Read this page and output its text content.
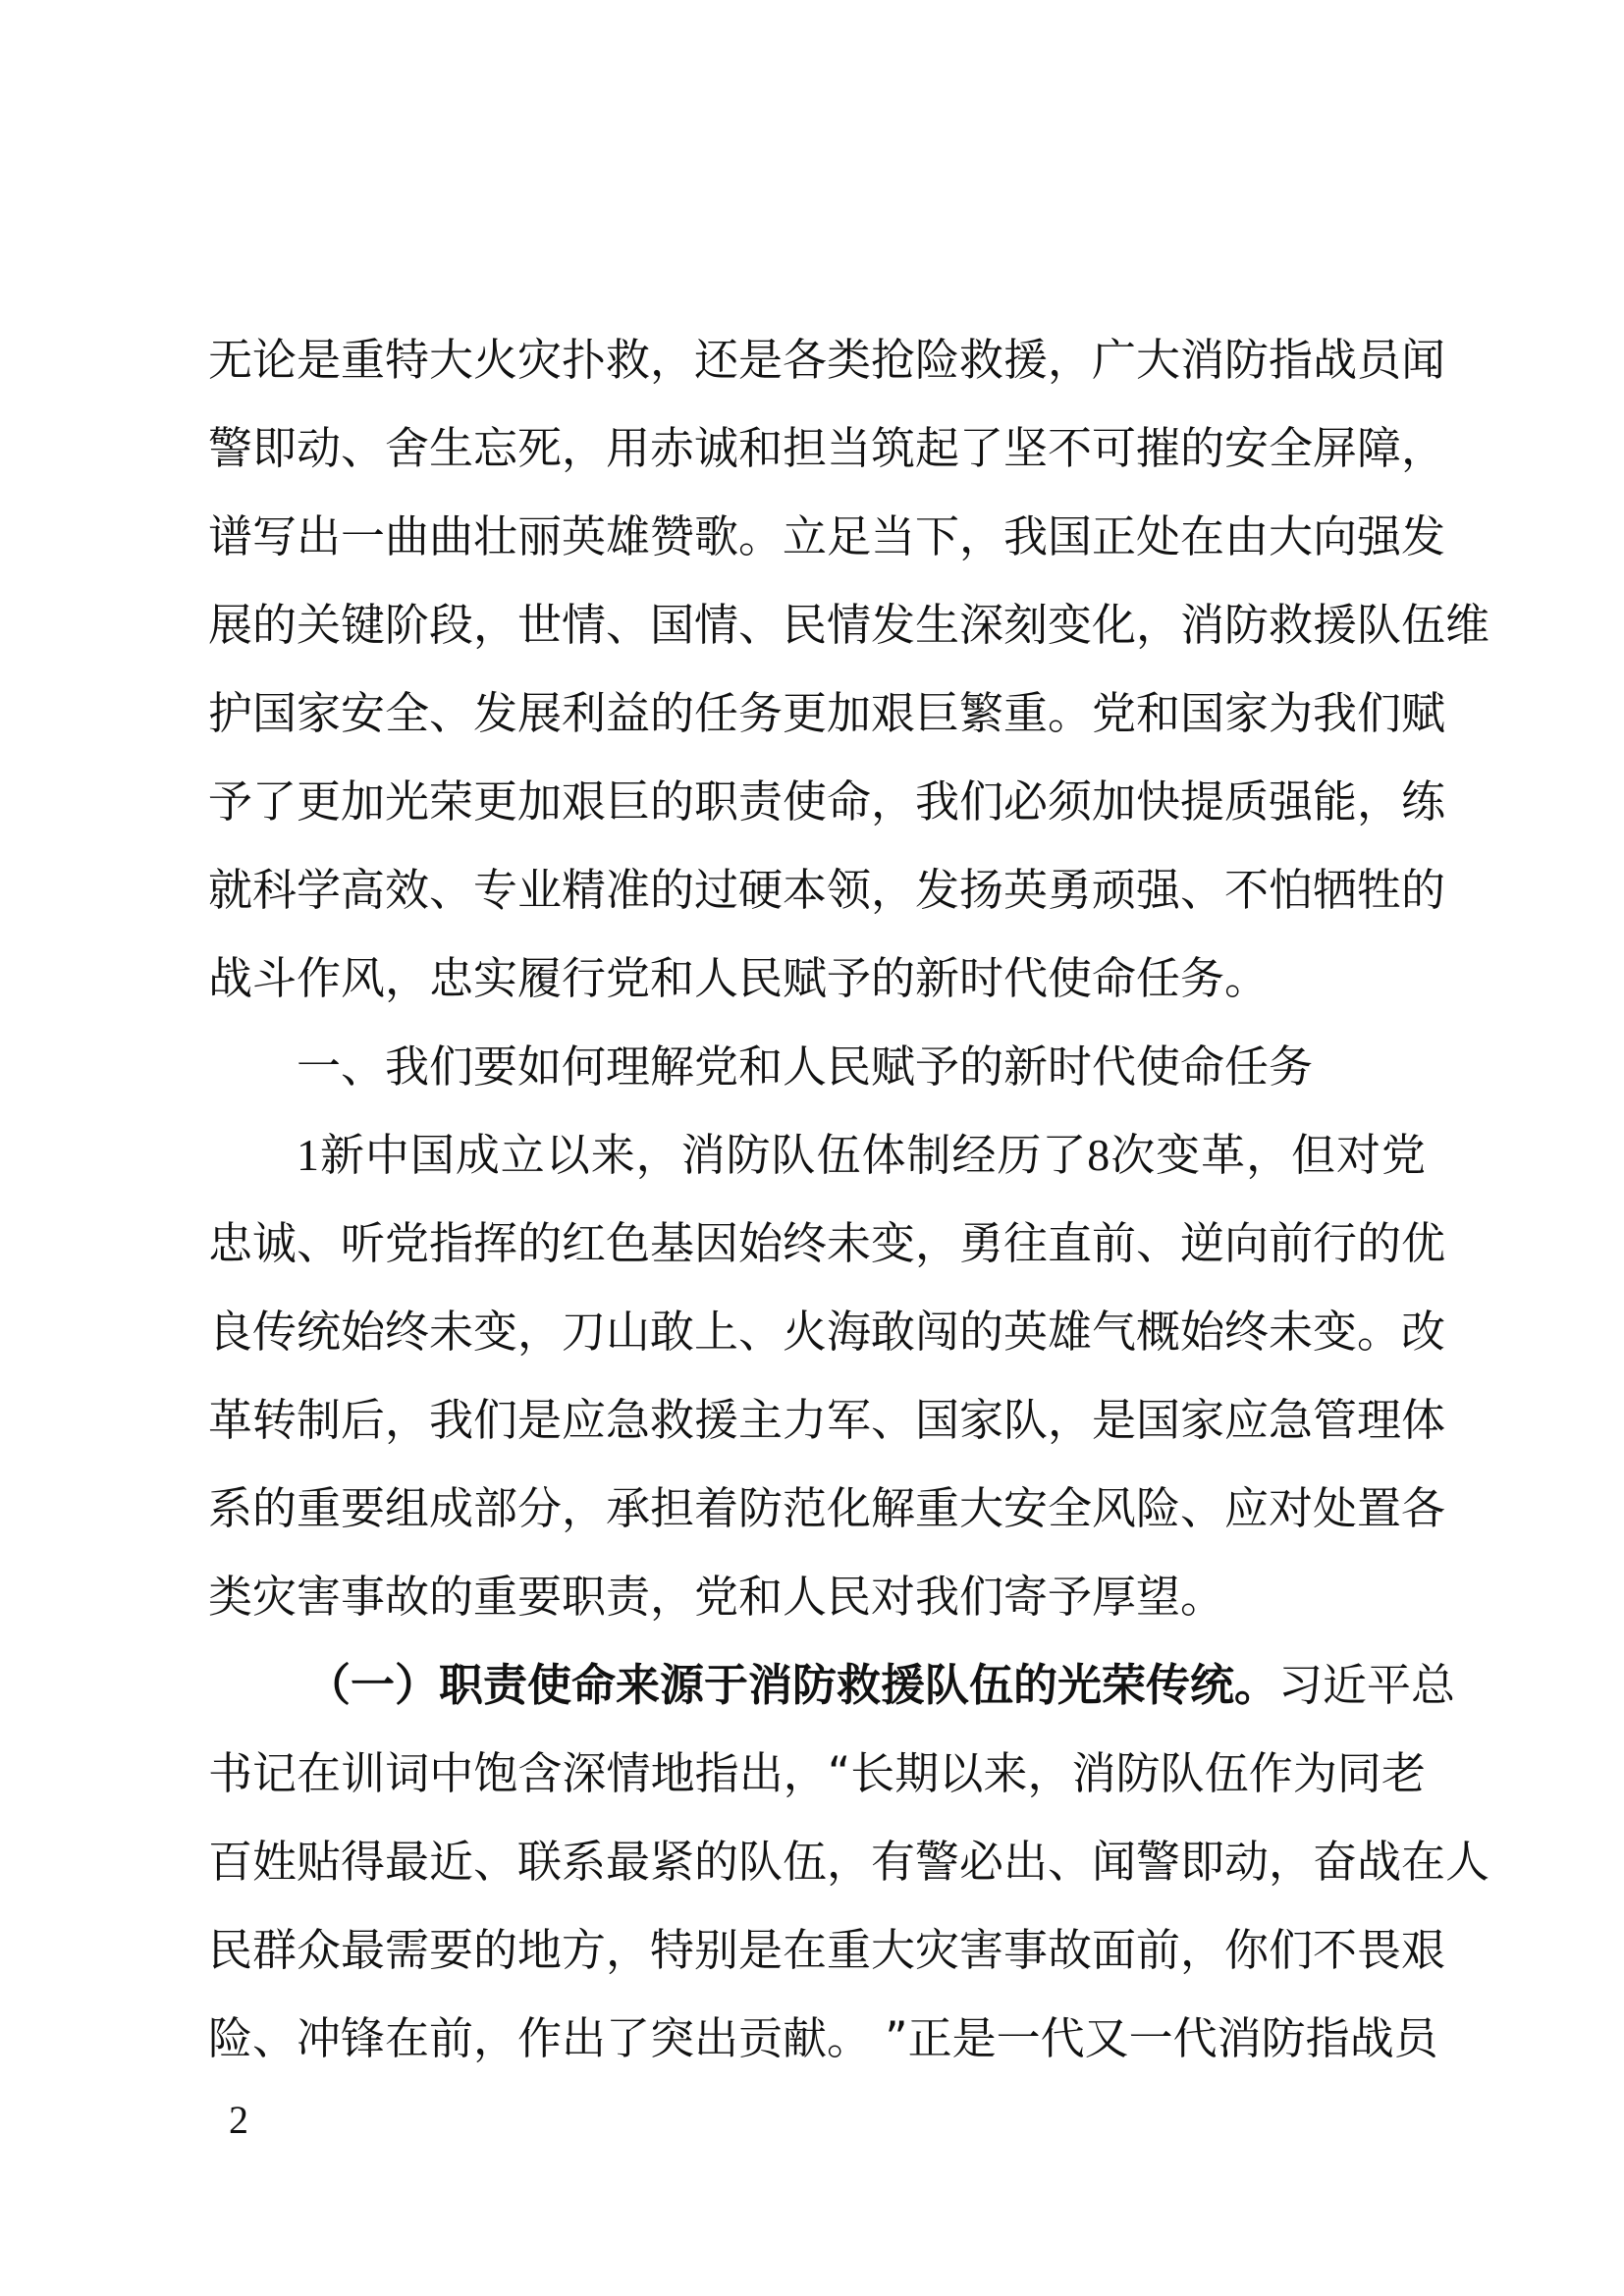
无论是重特大火灾扑救，还是各类抢险救援，广大消防指战员闻
警即动、舍生忘死，用赤诚和担当筑起了坚不可摧的安全屏障，
谱写出一曲曲壮丽英雄赞歌。立足当下，我国正处在由大向强发
展的关键阶段，世情、国情、民情发生深刻变化，消防救援队伍维
护国家安全、发展利益的任务更加艰巨繁重。党和国家为我们赋
予了更加光荣更加艰巨的职责使命，我们必须加快提质强能，练
就科学高效、专业精准的过硬本领，发扬英勇顽强、不怕牺牲的
战斗作风，忠实履行党和人民赋予的新时代使命任务。
一、我们要如何理解党和人民赋予的新时代使命任务
1新中国成立以来，消防队伍体制经历了8次变革，但对党
忠诚、听党指挥的红色基因始终未变，勇往直前、逆向前行的优
良传统始终未变，刀山敢上、火海敢闯的英雄气概始终未变。改
革转制后，我们是应急救援主力军、国家队，是国家应急管理体
系的重要组成部分，承担着防范化解重大安全风险、应对处置各
类灾害事故的重要职责，党和人民对我们寄予厚望。
（一）职责使命来源于消防救援队伍的光荣传统。习近平总
书记在训词中饱含深情地指出，“长期以来，消防队伍作为同老
百姓贴得最近、联系最紧的队伍，有警必出、闻警即动，奋战在人
民群众最需要的地方，特别是在重大灾害事故面前，你们不畏艰
险、冲锋在前，作出了突出贡献。 ”正是一代又一代消防指战员
2
